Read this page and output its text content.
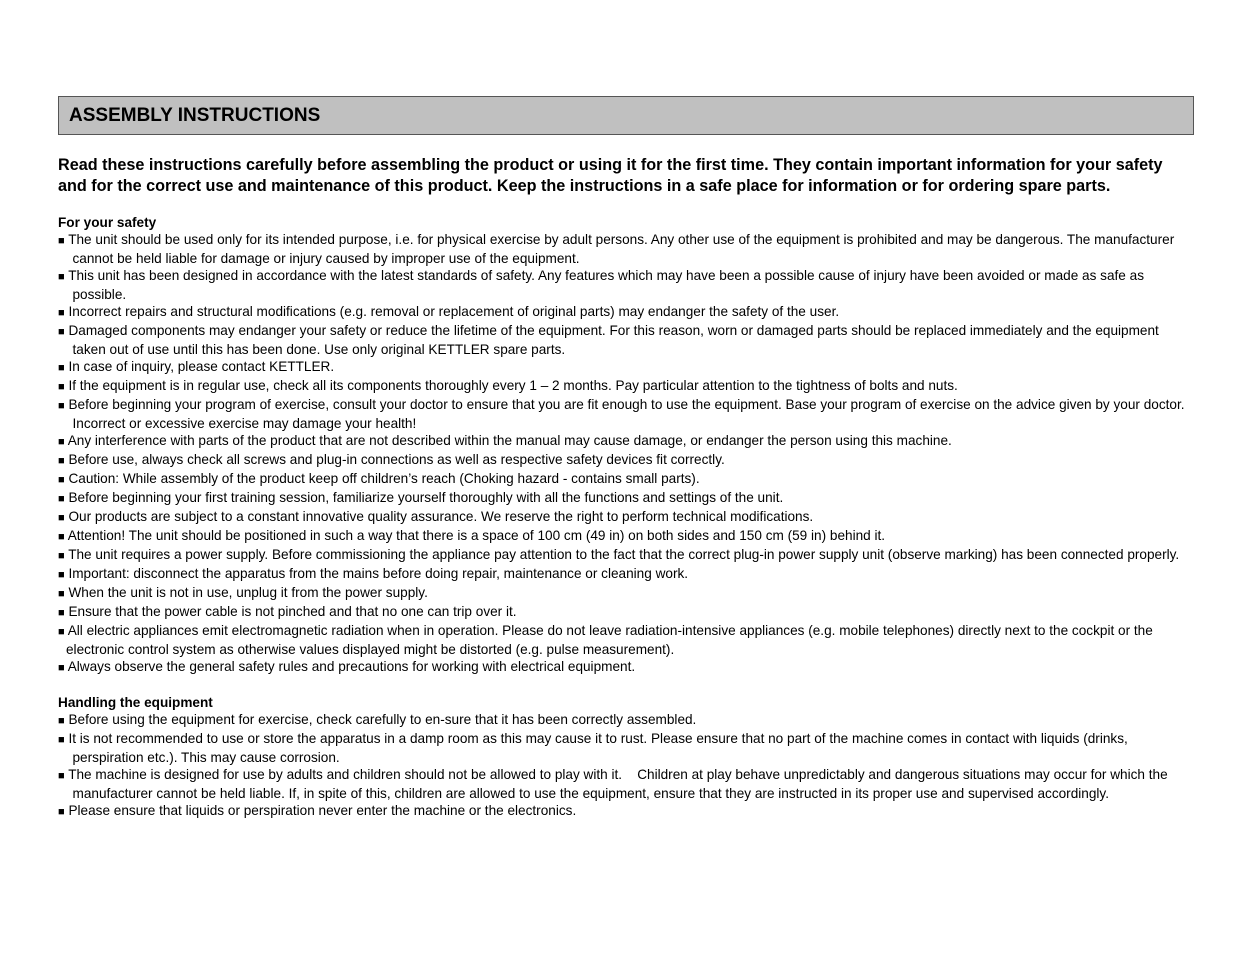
ASSEMBLY INSTRUCTIONS

Read these instructions carefully before assembling the product or using it for the first time. They contain important information for your safety and for the correct use and maintenance of this product. Keep the instructions in a safe place for information or for ordering spare parts.

For your safety
■ The unit should be used only for its intended purpose, i.e. for physical exercise by adult persons. Any other use of the equipment is prohibited and may be dangerous. The manufacturer cannot be held liable for damage or injury caused by improper use of the equipment.
■ This unit has been designed in accordance with the latest standards of safety. Any features which may have been a possible cause of injury have been avoided or made as safe as possible.
■ Incorrect repairs and structural modifications (e.g. removal or replacement of original parts) may endanger the safety of the user.
■ Damaged components may endanger your safety or reduce the lifetime of the equipment. For this reason, worn or damaged parts should be replaced immediately and the equipment taken out of use until this has been done. Use only original KETTLER spare parts.
■ In case of inquiry, please contact KETTLER.
■ If the equipment is in regular use, check all its components thoroughly every 1 – 2 months. Pay particular attention to the tightness of bolts and nuts.
■ Before beginning your program of exercise, consult your doctor to ensure that you are fit enough to use the equipment. Base your program of exercise on the advice given by your doctor. Incorrect or excessive exercise may damage your health!
■ Any interference with parts of the product that are not described within the manual may cause damage, or endanger the person using this machine.
■ Before use, always check all screws and plug-in connections as well as respective safety devices fit correctly.
■ Caution: While assembly of the product keep off children’s reach (Choking hazard - contains small parts).
■ Before beginning your first training session, familiarize yourself thoroughly with all the functions and settings of the unit.
■ Our products are subject to a constant innovative quality assurance. We reserve the right to perform technical modifications.
■ Attention! The unit should be positioned in such a way that there is a space of 100 cm (49 in) on both sides and 150 cm (59 in) behind it.
■ The unit requires a power supply. Before commissioning the appliance pay attention to the fact that the correct plug-in power supply unit (observe marking) has been connected properly.
■ Important: disconnect the apparatus from the mains before doing repair, maintenance or cleaning work.
■ When the unit is not in use, unplug it from the power supply.
■ Ensure that the power cable is not pinched and that no one can trip over it.
■ All electric appliances emit electromagnetic radiation when in operation. Please do not leave radiation-intensive appliances (e.g. mobile telephones) directly next to the cockpit or the electronic control system as otherwise values displayed might be distorted (e.g. pulse measurement).
■ Always observe the general safety rules and precautions for working with electrical equipment.
Handling the equipment
■ Before using the equipment for exercise, check carefully to en-sure that it has been correctly assembled.
■ It is not recommended to use or store the apparatus in a damp room as this may cause it to rust. Please ensure that no part of the machine comes in contact with liquids (drinks, perspiration etc.). This may cause corrosion.
■ The machine is designed for use by adults and children should not be allowed to play with it.    Children at play behave unpredictably and dangerous situations may occur for which the manufacturer cannot be held liable. If, in spite of this, children are allowed to use the equipment, ensure that they are instructed in its proper use and supervised accordingly.
■ Please ensure that liquids or perspiration never enter the machine or the electronics.
